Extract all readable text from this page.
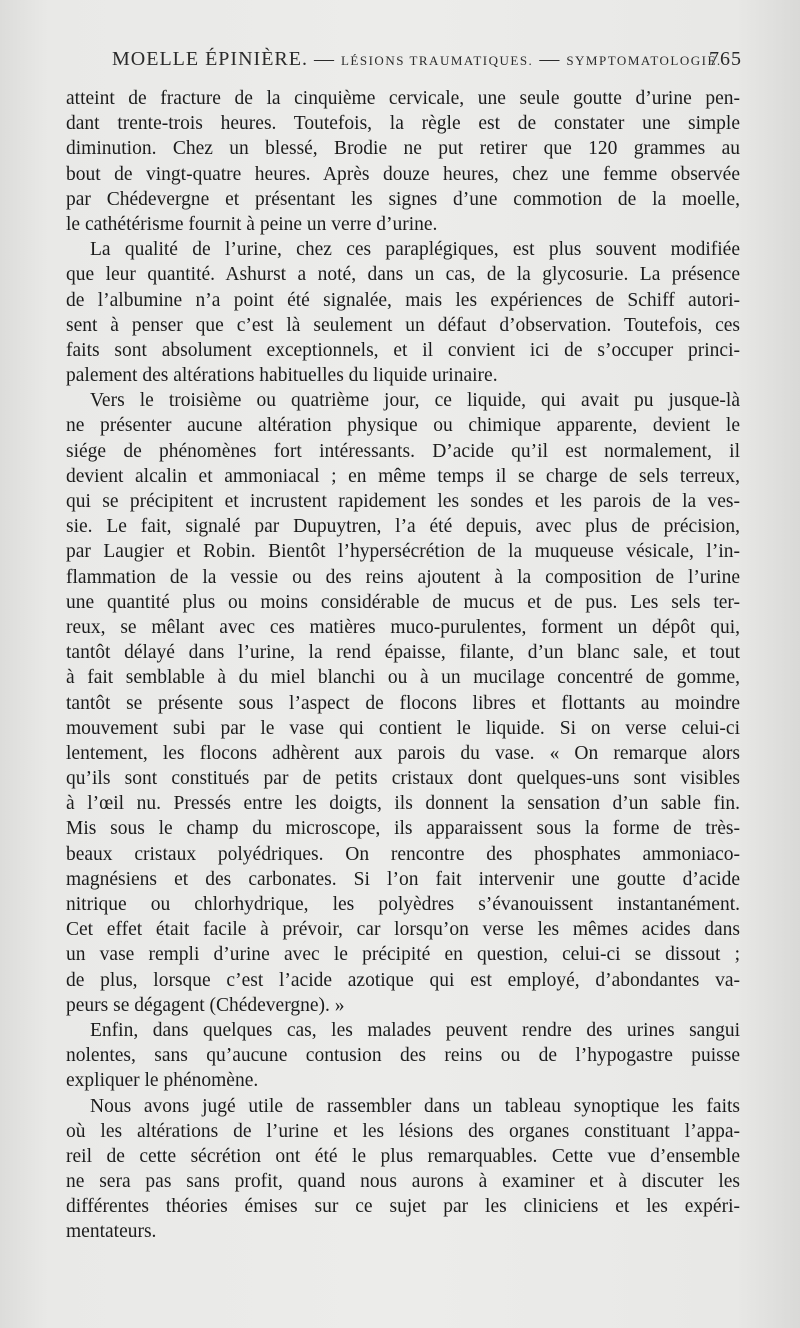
MOELLE ÉPINIÈRE. — LÉSIONS TRAUMATIQUES. — SYMPTOMATOLOGIE.
765
atteint de fracture de la cinquième cervicale, une seule goutte d’urine pen-
dant trente-trois heures. Toutefois, la règle est de constater une simple
diminution. Chez un blessé, Brodie ne put retirer que 120 grammes au
bout de vingt-quatre heures. Après douze heures, chez une femme observée
par Chédevergne et présentant les signes d’une commotion de la moelle,
le cathétérisme fournit à peine un verre d’urine.
La qualité de l’urine, chez ces paraplégiques, est plus souvent modifiée
que leur quantité. Ashurst a noté, dans un cas, de la glycosurie. La présence
de l’albumine n’a point été signalée, mais les expériences de Schiff autori-
sent à penser que c’est là seulement un défaut d’observation. Toutefois, ces
faits sont absolument exceptionnels, et il convient ici de s’occuper princi-
palement des altérations habituelles du liquide urinaire.
Vers le troisième ou quatrième jour, ce liquide, qui avait pu jusque-là
ne présenter aucune altération physique ou chimique apparente, devient le
siége de phénomènes fort intéressants. D’acide qu’il est normalement, il
devient alcalin et ammoniacal ; en même temps il se charge de sels terreux,
qui se précipitent et incrustent rapidement les sondes et les parois de la ves-
sie. Le fait, signalé par Dupuytren, l’a été depuis, avec plus de précision,
par Laugier et Robin. Bientôt l’hypersécrétion de la muqueuse vésicale, l’in-
flammation de la vessie ou des reins ajoutent à la composition de l’urine
une quantité plus ou moins considérable de mucus et de pus. Les sels ter-
reux, se mêlant avec ces matières muco-purulentes, forment un dépôt qui,
tantôt délayé dans l’urine, la rend épaisse, filante, d’un blanc sale, et tout
à fait semblable à du miel blanchi ou à un mucilage concentré de gomme,
tantôt se présente sous l’aspect de flocons libres et flottants au moindre
mouvement subi par le vase qui contient le liquide. Si on verse celui-ci
lentement, les flocons adhèrent aux parois du vase. « On remarque alors
qu’ils sont constitués par de petits cristaux dont quelques-uns sont visibles
à l’œil nu. Pressés entre les doigts, ils donnent la sensation d’un sable fin.
Mis sous le champ du microscope, ils apparaissent sous la forme de très-
beaux cristaux polyédriques. On rencontre des phosphates ammoniaco-
magnésiens et des carbonates. Si l’on fait intervenir une goutte d’acide
nitrique ou chlorhydrique, les polyèdres s’évanouissent instantanément.
Cet effet était facile à prévoir, car lorsqu’on verse les mêmes acides dans
un vase rempli d’urine avec le précipité en question, celui-ci se dissout ;
de plus, lorsque c’est l’acide azotique qui est employé, d’abondantes va-
peurs se dégagent (Chédevergne). »
Enfin, dans quelques cas, les malades peuvent rendre des urines sangui
nolentes, sans qu’aucune contusion des reins ou de l’hypogastre puisse
expliquer le phénomène.
Nous avons jugé utile de rassembler dans un tableau synoptique les faits
où les altérations de l’urine et les lésions des organes constituant l’appa-
reil de cette sécrétion ont été le plus remarquables. Cette vue d’ensemble
ne sera pas sans profit, quand nous aurons à examiner et à discuter les
différentes théories émises sur ce sujet par les cliniciens et les expéri-
mentateurs.
